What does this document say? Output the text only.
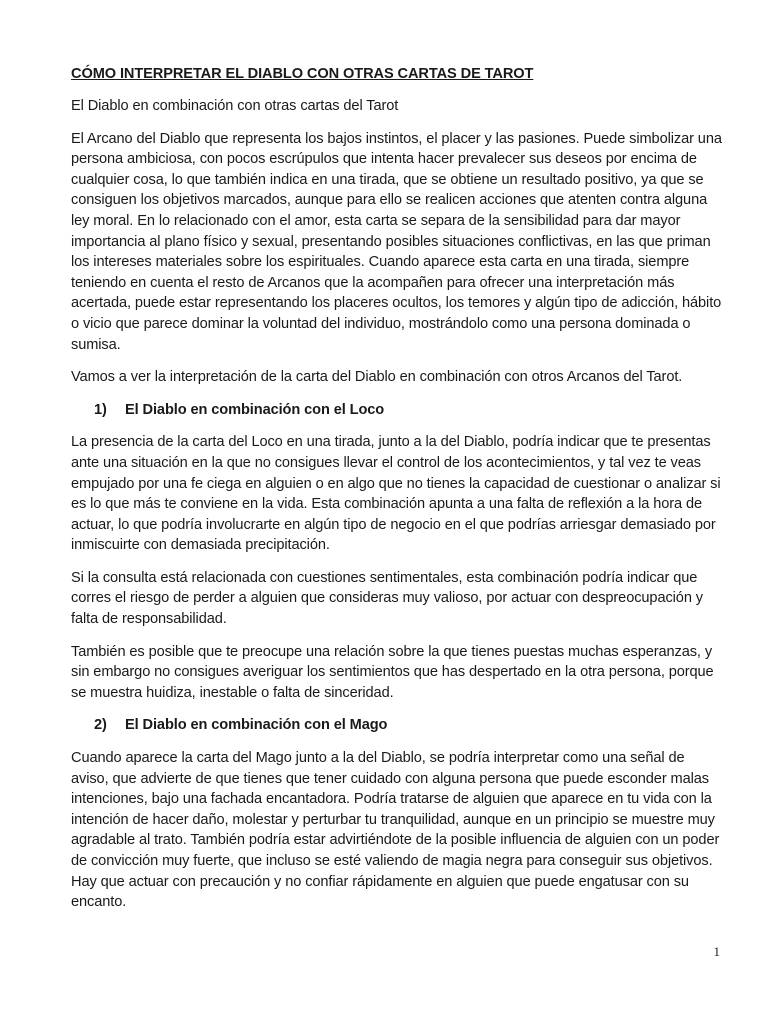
CÓMO INTERPRETAR EL DIABLO CON OTRAS CARTAS DE TAROT
El Diablo en combinación con otras cartas del Tarot

El Arcano del Diablo que representa los bajos instintos, el placer y las pasiones. Puede simbolizar una persona ambiciosa, con pocos escrúpulos que intenta hacer prevalecer sus deseos por encima de cualquier cosa, lo que también indica en una tirada, que se obtiene un resultado positivo, ya que se consiguen los objetivos marcados, aunque para ello se realicen acciones que atenten contra alguna ley moral. En lo relacionado con el amor, esta carta se separa de la sensibilidad para dar mayor importancia al plano físico y sexual, presentando posibles situaciones conflictivas, en las que priman los intereses materiales sobre los espirituales. Cuando aparece esta carta en una tirada, siempre teniendo en cuenta el resto de Arcanos que la acompañen para ofrecer una interpretación más acertada, puede estar representando los placeres ocultos, los temores y algún tipo de adicción, hábito o vicio que parece dominar la voluntad del individuo, mostrándolo como una persona dominada o sumisa.

Vamos a ver la interpretación de la carta del Diablo en combinación con otros Arcanos del Tarot.

1)	El Diablo en combinación con el Loco

La presencia de la carta del Loco en una tirada, junto a la del Diablo, podría indicar que te presentas ante una situación en la que no consigues llevar el control de los acontecimientos, y tal vez te veas empujado por una fe ciega en alguien o en algo que no tienes la capacidad de cuestionar o analizar si es lo que más te conviene en la vida. Esta combinación apunta a una falta de reflexión a la hora de actuar, lo que podría involucrarte en algún tipo de negocio en el que podrías arriesgar demasiado por inmiscuirte con demasiada precipitación.

Si la consulta está relacionada con cuestiones sentimentales, esta combinación podría indicar que corres el riesgo de perder a alguien que consideras muy valioso, por actuar con despreocupación y falta de responsabilidad.

También es posible que te preocupe una relación sobre la que tienes puestas muchas esperanzas, y sin embargo no consigues averiguar los sentimientos que has despertado en la otra persona, porque se muestra huidiza, inestable o falta de sinceridad.

2)	El Diablo en combinación con el Mago

Cuando aparece la carta del Mago junto a la del Diablo, se podría interpretar como una señal de aviso, que advierte de que tienes que tener cuidado con alguna persona que puede esconder malas intenciones, bajo una fachada encantadora. Podría tratarse de alguien que aparece en tu vida con la intención de hacer daño, molestar y perturbar tu tranquilidad, aunque en un principio se muestre muy agradable al trato. También podría estar advirtiéndote de la posible influencia de alguien con un poder de convicción muy fuerte, que incluso se esté valiendo de magia negra para conseguir sus objetivos. Hay que actuar con precaución y no confiar rápidamente en alguien que puede engatusar con su encanto.

1
